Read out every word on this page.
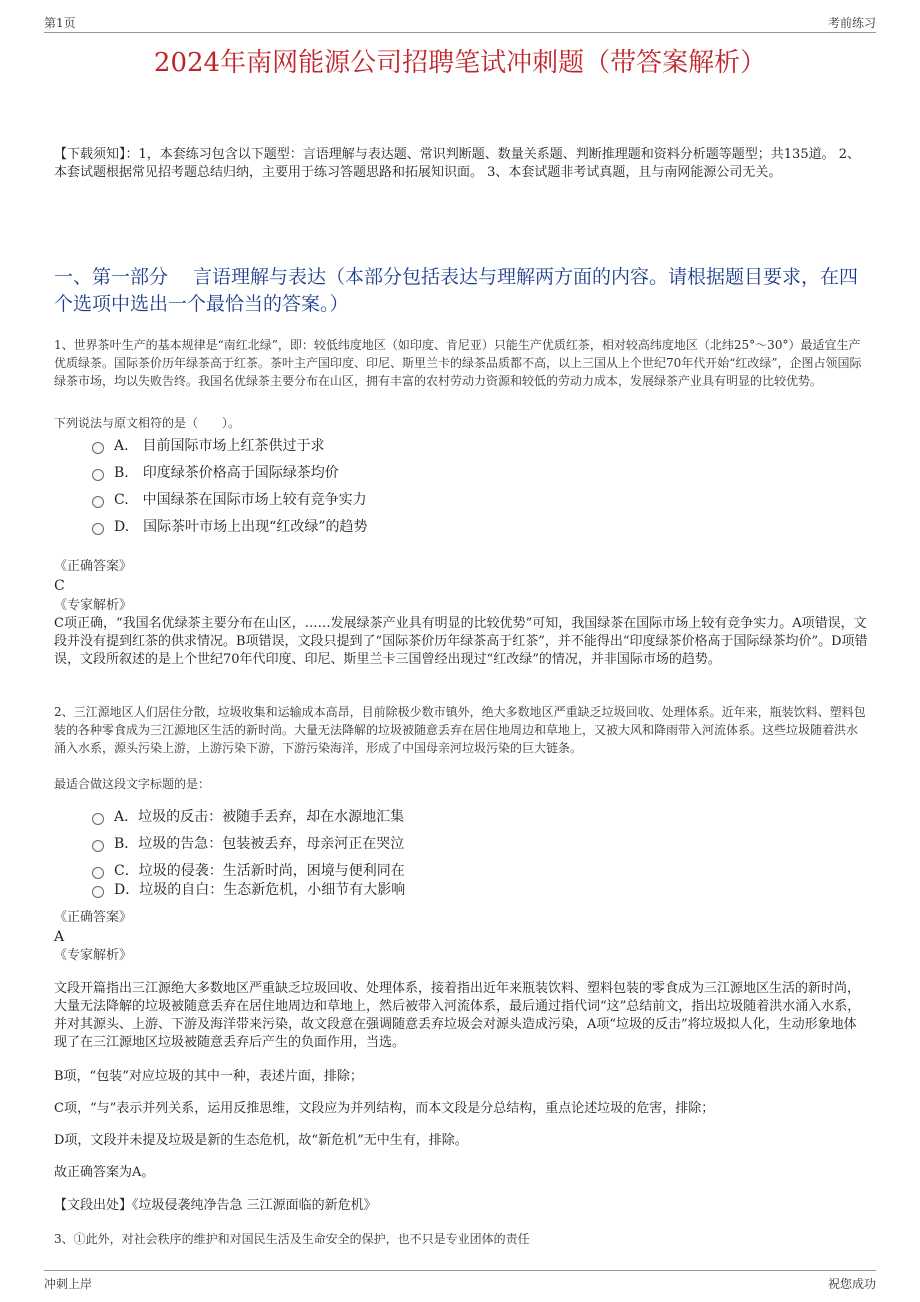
第1页	考前练习
2024年南网能源公司招聘笔试冲刺题（带答案解析）
【下载须知】：1，本套练习包含以下题型：言语理解与表达题、常识判断题、数量关系题、判断推理题和资料分析题等题型；共135道。 2、本套试题根据常见招考题总结归纳，主要用于练习答题思路和拓展知识面。 3、本套试题非考试真题，且与南网能源公司无关。
一、第一部分　 言语理解与表达（本部分包括表达与理解两方面的内容。请根据题目要求，在四个选项中选出一个最恰当的答案。）
1、世界茶叶生产的基本规律是“南红北绿”，即：较低纬度地区（如印度、肯尼亚）只能生产优质红茶，相对较高纬度地区（北纬25°～30°）最适宜生产优质绿茶。国际茶价历年绿茶高于红茶。茶叶主产国印度、印尼、斯里兰卡的绿茶品质都不高，以上三国从上个世纪70年代开始“红改绿”，企图占领国际绿茶市场，均以失败告终。我国名优绿茶主要分布在山区，拥有丰富的农村劳动力资源和较低的劳动力成本，发展绿茶产业具有明显的比较优势。
下列说法与原文相符的是（　　）。
A.　目前国际市场上红茶供过于求
B.　印度绿茶价格高于国际绿茶均价
C.　中国绿茶在国际市场上较有竞争实力
D.　国际茶叶市场上出现“红改绿”的趋势
《正确答案》
C
《专家解析》
C项正确，“我国名优绿茶主要分布在山区，……发展绿茶产业具有明显的比较优势”可知，我国绿茶在国际市场上较有竞争实力。A项错误，文段并没有提到红茶的供求情况。B项错误，文段只提到了“国际茶价历年绿茶高于红茶”，并不能得出“印度绿茶价格高于国际绿茶均价”。D项错误，文段所叙述的是上个世纪70年代印度、印尼、斯里兰卡三国曾经出现过“红改绿”的情况，并非国际市场的趋势。
2、三江源地区人们居住分散，垃圾收集和运输成本高昂，目前除极少数市镇外，绝大多数地区严重缺乏垃圾回收、处理体系。近年来，瓶装饮料、塑料包装的各种零食成为三江源地区生活的新时尚。大量无法降解的垃圾被随意丢弃在居住地周边和草地上，又被大风和降雨带入河流体系。这些垃圾随着洪水涌入水系，源头污染上游，上游污染下游，下游污染海洋，形成了中国母亲河垃圾污染的巨大链条。
最适合做这段文字标题的是：
A．垃圾的反击：被随手丢弃，却在水源地汇集
B．垃圾的告急：包装被丢弃，母亲河正在哭泣
C．垃圾的侵袭：生活新时尚，困境与便利同在
D．垃圾的自白：生态新危机，小细节有大影响
《正确答案》
A
《专家解析》
文段开篇指出三江源绝大多数地区严重缺乏垃圾回收、处理体系，接着指出近年来瓶装饮料、塑料包装的零食成为三江源地区生活的新时尚，大量无法降解的垃圾被随意丢弃在居住地周边和草地上，然后被带入河流体系，最后通过指代词“这”总结前文，指出垃圾随着洪水涌入水系，并对其源头、上游、下游及海洋带来污染，故文段意在强调随意丢弃垃圾会对源头造成污染，A项“垃圾的反击”将垃圾拟人化，生动形象地体现了在三江源地区垃圾被随意丢弃后产生的负面作用，当选。
B项，“包装”对应垃圾的其中一种，表述片面，排除；
C项，“与”表示并列关系，运用反推思维，文段应为并列结构，而本文段是分总结构，重点论述垃圾的危害，排除；
D项，文段并未提及垃圾是新的生态危机，故“新危机”无中生有，排除。
故正确答案为A。
【文段出处】《垃圾侵袭纯净告急 三江源面临的新危机》
3、①此外，对社会秩序的维护和对国民生活及生命安全的保护，也不只是专业团体的责任
冲刺上岸	祝您成功
